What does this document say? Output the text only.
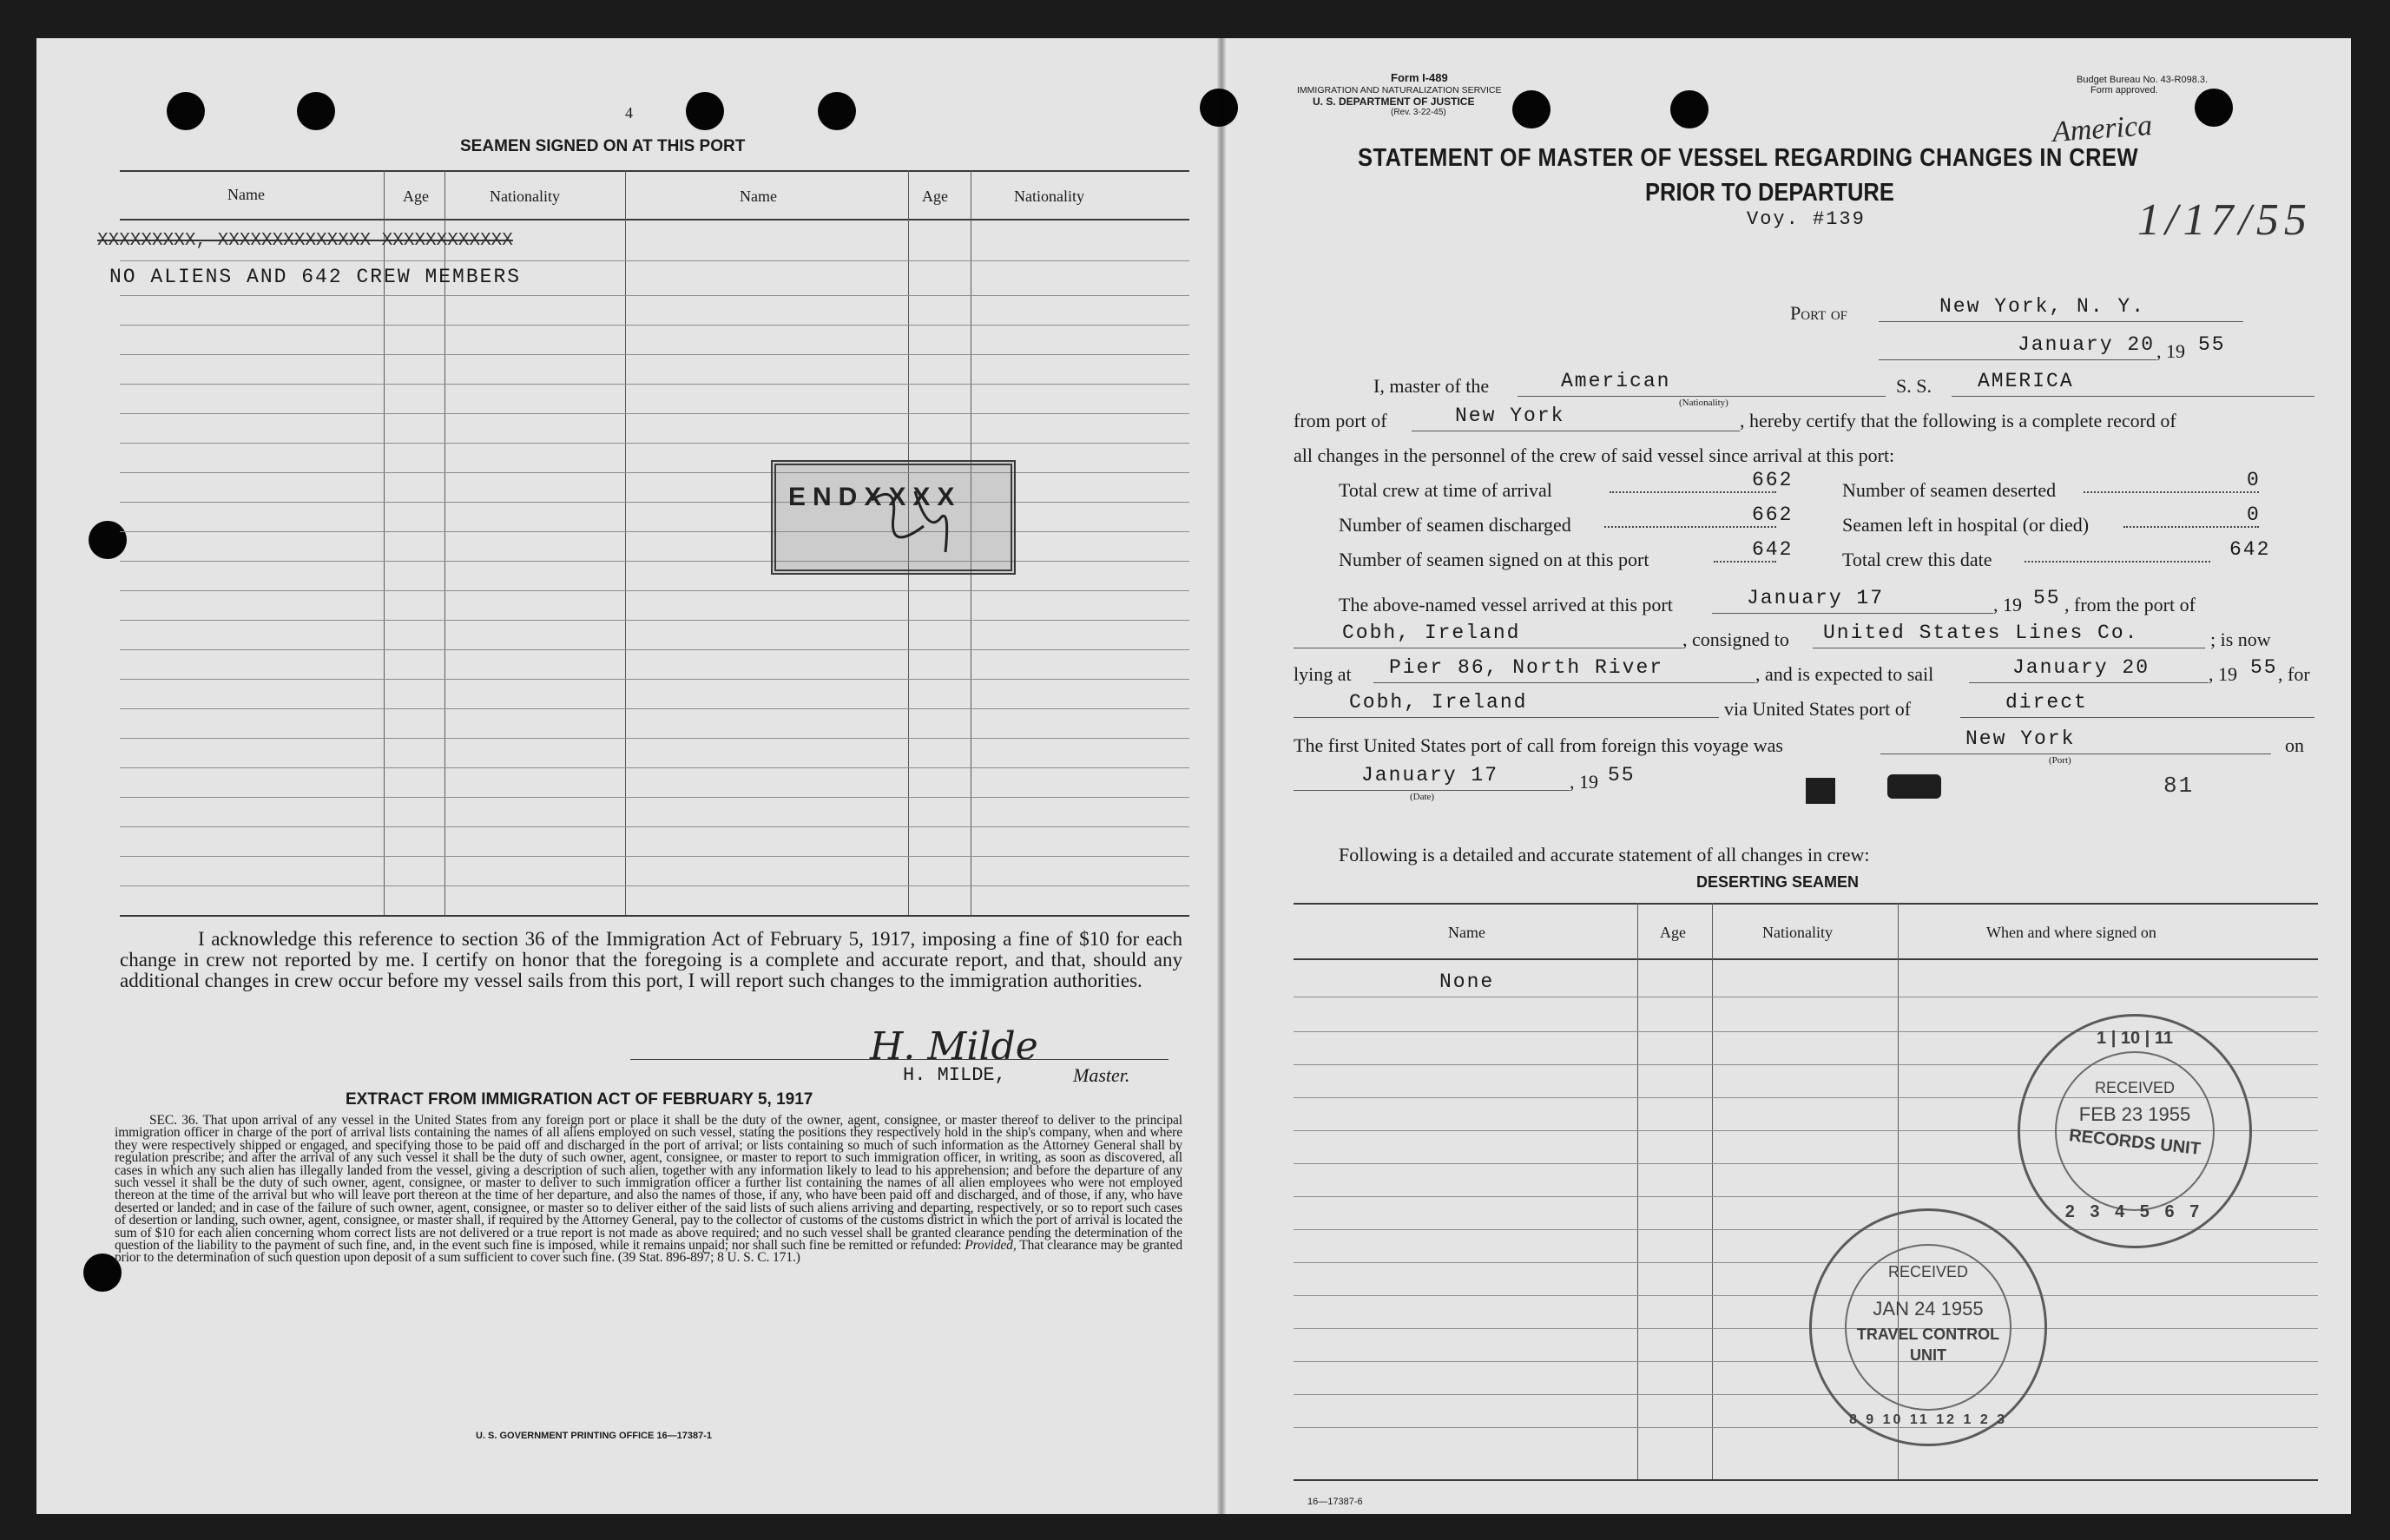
4
SEAMEN SIGNED ON AT THIS PORT
Name	Age	Nationality	Name	Age	Nationality
XXXXXXXXX, XXXXXXXXXXXXXX XXXXXXXXXXXX
NO ALIENS AND 642 CREW MEMBERS
ENDXXXX
I acknowledge this reference to section 36 of the Immigration Act of February 5, 1917, imposing a fine of $10 for each change in crew not reported by me. I certify on honor that the foregoing is a complete and accurate report, and that, should any additional changes in crew occur before my vessel sails from this port, I will report such changes to the immigration authorities.
H. Milde
H. MILDE,	Master.
EXTRACT FROM IMMIGRATION ACT OF FEBRUARY 5, 1917
SEC. 36. That upon arrival of any vessel in the United States from any foreign port or place it shall be the duty of the owner, agent, consignee, or master thereof to deliver to the principal immigration officer in charge of the port of arrival lists containing the names of all aliens employed on such vessel, stating the positions they respectively hold in the ship's company, when and where they were respectively shipped or engaged, and specifying those to be paid off and discharged in the port of arrival; or lists containing so much of such information as the Attorney General shall by regulation prescribe; and after the arrival of any such vessel it shall be the duty of such owner, agent, consignee, or master to report to such immigration officer, in writing, as soon as discovered, all cases in which any such alien has illegally landed from the vessel, giving a description of such alien, together with any information likely to lead to his apprehension; and before the departure of any such vessel it shall be the duty of such owner, agent, consignee, or master to deliver to such immigration officer a further list containing the names of all alien employees who were not employed thereon at the time of the arrival but who will leave port thereon at the time of her departure, and also the names of those, if any, who have been paid off and discharged, and of those, if any, who have deserted or landed; and in case of the failure of such owner, agent, consignee, or master so to deliver either of the said lists of such aliens arriving and departing, respectively, or so to report such cases of desertion or landing, such owner, agent, consignee, or master shall, if required by the Attorney General, pay to the collector of customs of the customs district in which the port of arrival is located the sum of $10 for each alien concerning whom correct lists are not delivered or a true report is not made as above required; and no such vessel shall be granted clearance pending the determination of the question of the liability to the payment of such fine, and, in the event such fine is imposed, while it remains unpaid; nor shall such fine be remitted or refunded: Provided, That clearance may be granted prior to the determination of such question upon deposit of a sum sufficient to cover such fine. (39 Stat. 896-897; 8 U. S. C. 171.)
U. S. GOVERNMENT PRINTING OFFICE 16—17387-1
Form I-489
IMMIGRATION AND NATURALIZATION SERVICE
U. S. DEPARTMENT OF JUSTICE
(Rev. 3-22-45)
Budget Bureau No. 43-R098.3.
Form approved.
America
1/17/55
STATEMENT OF MASTER OF VESSEL REGARDING CHANGES IN CREW
PRIOR TO DEPARTURE
Voy. #139
Port of	New York, N. Y.
January 20 , 19 55
I, master of the	American
(Nationality)
S. S. AMERICA
from port of	New York	, hereby certify that the following is a complete record of
all changes in the personnel of the crew of said vessel since arrival at this port:
Total crew at time of arrival	662	Number of seamen deserted	0
Number of seamen discharged	662	Seamen left in hospital (or died)	0
Number of seamen signed on at this port	642	Total crew this date	642
The above-named vessel arrived at this port	January 17	, 19 55 , from the port of
Cobh, Ireland	, consigned to United States Lines Co.	; is now
lying at Pier 86, North River	, and is expected to sail	January 20	, 19 55 , for
Cobh, Ireland	via United States port of	direct
The first United States port of call from foreign this voyage was	New York
(Port)
on
January 17
(Date)
, 19 55	81
Following is a detailed and accurate statement of all changes in crew:
DESERTING SEAMEN
Name	Age	Nationality	When and where signed on
None
1 | 10 | 11
RECEIVED
FEB 23 1955
RECORDS UNIT
2 3 4 5 6 7
RECEIVED
JAN 24 1955
TRAVEL CONTROL
UNIT
8 9 10 11 12 1 2 3
16—17387-6
